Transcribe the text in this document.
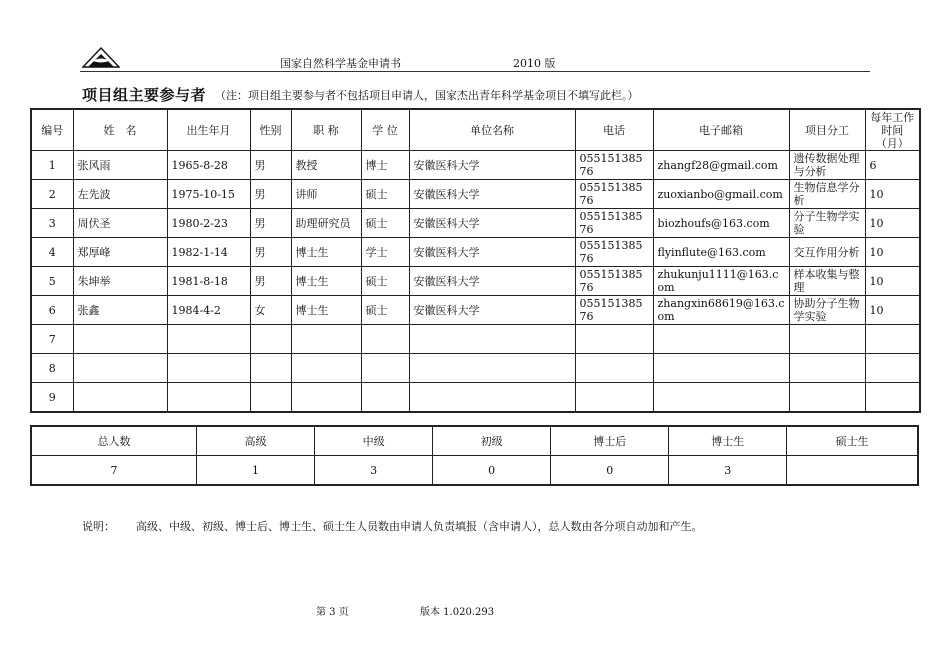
国家自然科学基金申请书	2010 版
项目组主要参与者 （注：项目组主要参与者不包括项目申请人，国家杰出青年科学基金项目不填写此栏。）
编号	姓　名	出生年月	性别	职 称	学 位	单位名称	电话	电子邮箱	项目分工	每年工作时间（月）
1	张风雨	1965-8-28	男	教授	博士	安徽医科大学	05515138576	zhangf28@gmail.com	遗传数据处理与分析	6
2	左先波	1975-10-15	男	讲师	硕士	安徽医科大学	05515138576	zuoxianbo@gmail.com	生物信息学分析	10
3	周伏圣	1980-2-23	男	助理研究员	硕士	安徽医科大学	05515138576	biozhoufs@163.com	分子生物学实验	10
4	郑厚峰	1982-1-14	男	博士生	学士	安徽医科大学	05515138576	flyinflute@163.com	交互作用分析	10
5	朱坤举	1981-8-18	男	博士生	硕士	安徽医科大学	05515138576	zhukunju1111@163.com	样本收集与整理	10
6	张鑫	1984-4-2	女	博士生	硕士	安徽医科大学	05515138576	zhangxin68619@163.com	协助分子生物学实验	10
7										
8										
9										
总人数	高级	中级	初级	博士后	博士生	硕士生
7	1	3	0	0	3	
说明： 高级、中级、初级、博士后、博士生、硕士生人员数由申请人负责填报（含申请人），总人数由各分项自动加和产生。
第 3 页	版本 1.020.293
